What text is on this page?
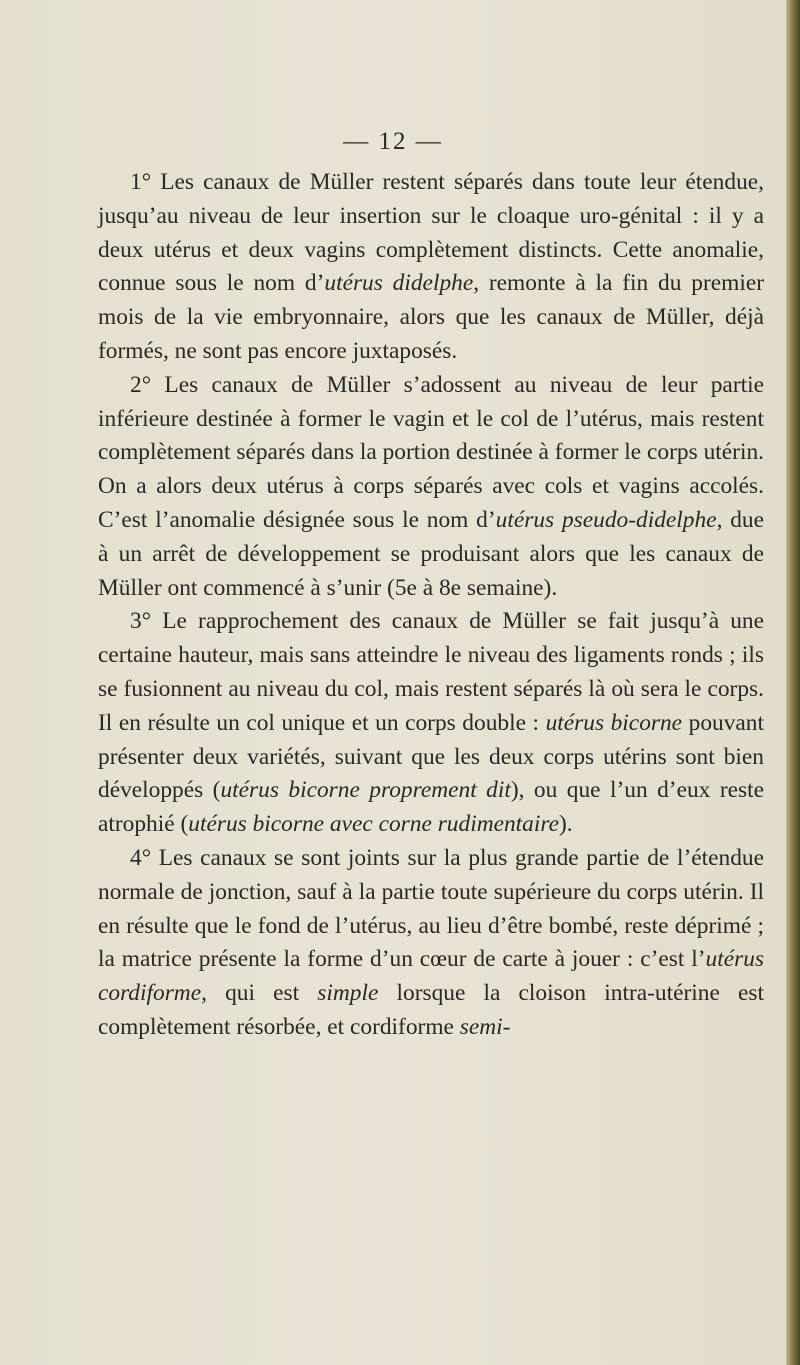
— 12 —

1° Les canaux de Müller restent séparés dans toute leur étendue, jusqu’au niveau de leur insertion sur le cloaque uro-génital : il y a deux utérus et deux vagins complètement distincts. Cette anomalie, connue sous le nom d’utérus didelphe, remonte à la fin du premier mois de la vie embryonnaire, alors que les canaux de Müller, déjà formés, ne sont pas encore juxtaposés.

2° Les canaux de Müller s’adossent au niveau de leur partie inférieure destinée à former le vagin et le col de l’utérus, mais restent complètement séparés dans la portion destinée à former le corps utérin. On a alors deux utérus à corps séparés avec cols et vagins accolés. C’est l’anomalie désignée sous le nom d’utérus pseudo-didelphe, due à un arrêt de développement se produisant alors que les canaux de Müller ont commencé à s’unir (5e à 8e semaine).

3° Le rapprochement des canaux de Müller se fait jusqu’à une certaine hauteur, mais sans atteindre le niveau des ligaments ronds ; ils se fusionnent au niveau du col, mais restent séparés là où sera le corps. Il en résulte un col unique et un corps double : utérus bicorne pouvant présenter deux variétés, suivant que les deux corps utérins sont bien développés (utérus bicorne proprement dit), ou que l’un d’eux reste atrophié (utérus bicorne avec corne rudimentaire).

4° Les canaux se sont joints sur la plus grande partie de l’étendue normale de jonction, sauf à la partie toute supérieure du corps utérin. Il en résulte que le fond de l’utérus, au lieu d’être bombé, reste déprimé ; la matrice présente la forme d’un cœur de carte à jouer : c’est l’utérus cordiforme, qui est simple lorsque la cloison intra-utérine est complètement résorbée, et cordiforme semi-
